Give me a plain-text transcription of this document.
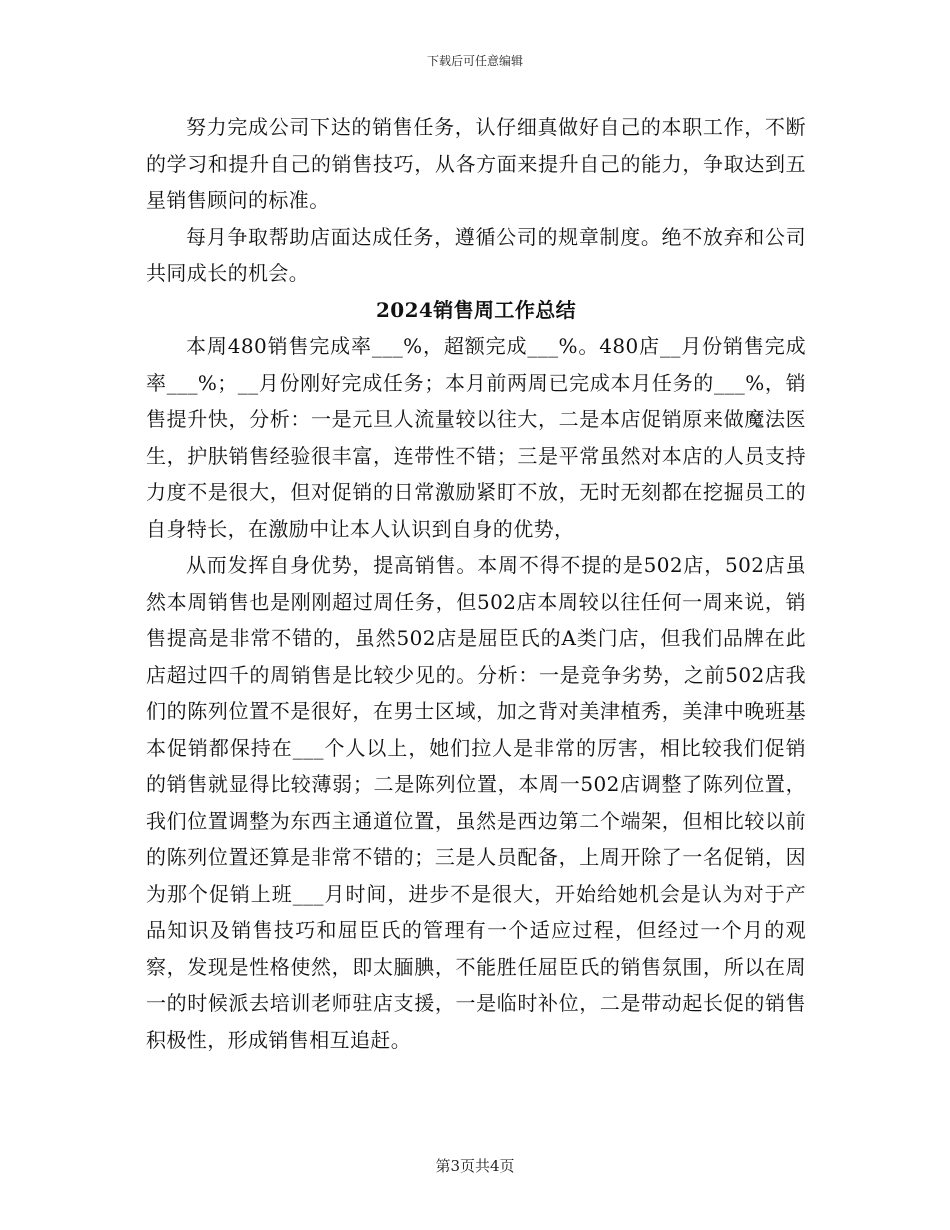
下载后可任意编辑

努力完成公司下达的销售任务，认仔细真做好自己的本职工作，不断的学习和提升自己的销售技巧，从各方面来提升自己的能力，争取达到五星销售顾问的标准。

每月争取帮助店面达成任务，遵循公司的规章制度。绝不放弃和公司共同成长的机会。

2024销售周工作总结

本周480销售完成率___%，超额完成___%。480店__月份销售完成率___%；__月份刚好完成任务；本月前两周已完成本月任务的___%，销售提升快，分析：一是元旦人流量较以往大，二是本店促销原来做魔法医生，护肤销售经验很丰富，连带性不错；三是平常虽然对本店的人员支持力度不是很大，但对促销的日常激励紧盯不放，无时无刻都在挖掘员工的自身特长，在激励中让本人认识到自身的优势，

从而发挥自身优势，提高销售。本周不得不提的是502店，502店虽然本周销售也是刚刚超过周任务，但502店本周较以往任何一周来说，销售提高是非常不错的，虽然502店是屈臣氏的A类门店，但我们品牌在此店超过四千的周销售是比较少见的。分析：一是竞争劣势，之前502店我们的陈列位置不是很好，在男士区域，加之背对美津植秀，美津中晚班基本促销都保持在___个人以上，她们拉人是非常的厉害，相比较我们促销的销售就显得比较薄弱；二是陈列位置，本周一502店调整了陈列位置，我们位置调整为东西主通道位置，虽然是西边第二个端架，但相比较以前的陈列位置还算是非常不错的；三是人员配备，上周开除了一名促销，因为那个促销上班___月时间，进步不是很大，开始给她机会是认为对于产品知识及销售技巧和屈臣氏的管理有一个适应过程，但经过一个月的观察，发现是性格使然，即太腼腆，不能胜任屈臣氏的销售氛围，所以在周一的时候派去培训老师驻店支援，一是临时补位，二是带动起长促的销售积极性，形成销售相互追赶。

第3页共4页
